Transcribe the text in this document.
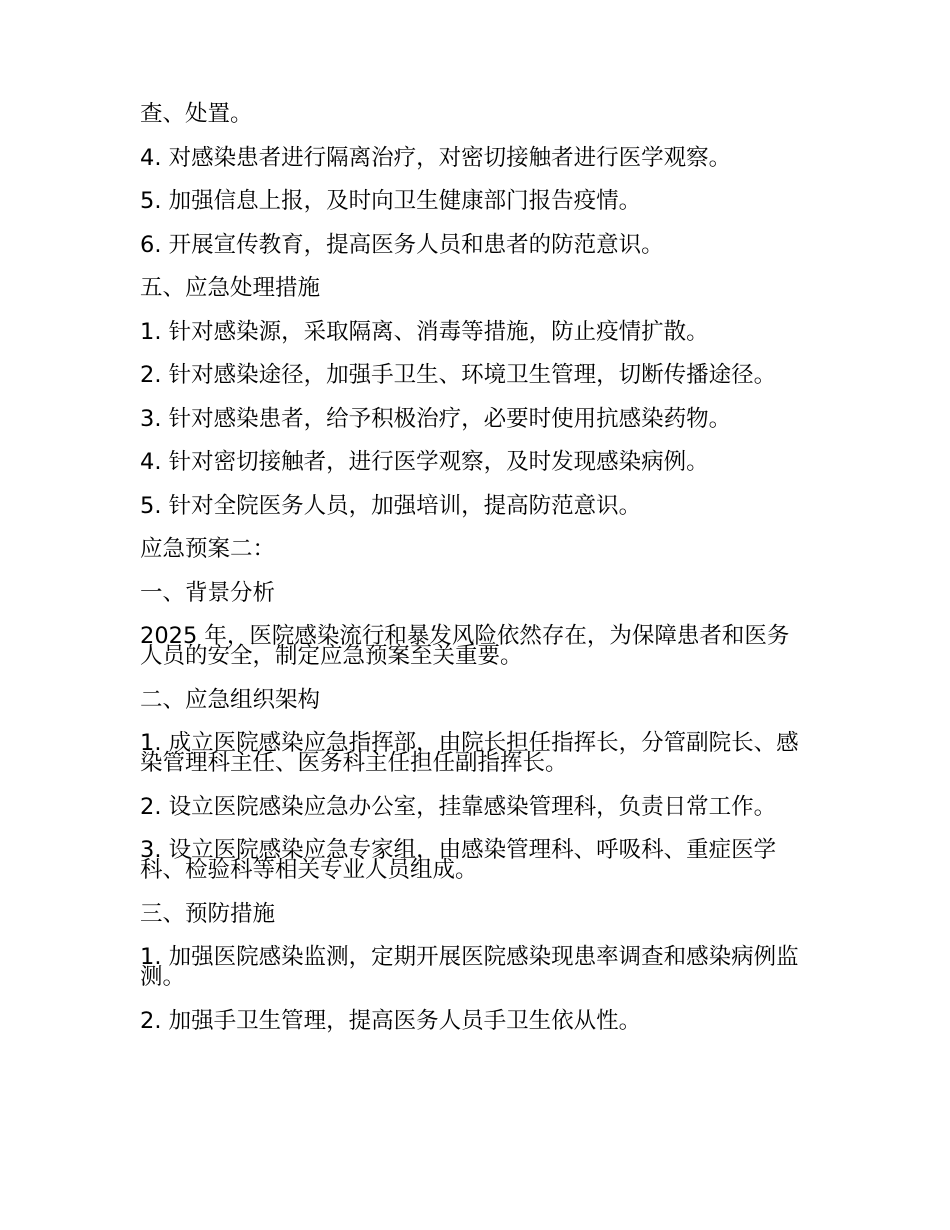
查、处置。

4. 对感染患者进行隔离治疗，对密切接触者进行医学观察。

5. 加强信息上报，及时向卫生健康部门报告疫情。

6. 开展宣传教育，提高医务人员和患者的防范意识。

五、应急处理措施

1. 针对感染源，采取隔离、消毒等措施，防止疫情扩散。

2. 针对感染途径，加强手卫生、环境卫生管理，切断传播途径。

3. 针对感染患者，给予积极治疗，必要时使用抗感染药物。

4. 针对密切接触者，进行医学观察，及时发现感染病例。

5. 针对全院医务人员，加强培训，提高防范意识。

应急预案二：

一、背景分析

2025 年，医院感染流行和暴发风险依然存在，为保障患者和医务人员的安全，制定应急预案至关重要。

二、应急组织架构

1. 成立医院感染应急指挥部，由院长担任指挥长，分管副院长、感染管理科主任、医务科主任担任副指挥长。

2. 设立医院感染应急办公室，挂靠感染管理科，负责日常工作。

3. 设立医院感染应急专家组，由感染管理科、呼吸科、重症医学科、检验科等相关专业人员组成。

三、预防措施

1. 加强医院感染监测，定期开展医院感染现患率调查和感染病例监测。

2. 加强手卫生管理，提高医务人员手卫生依从性。
